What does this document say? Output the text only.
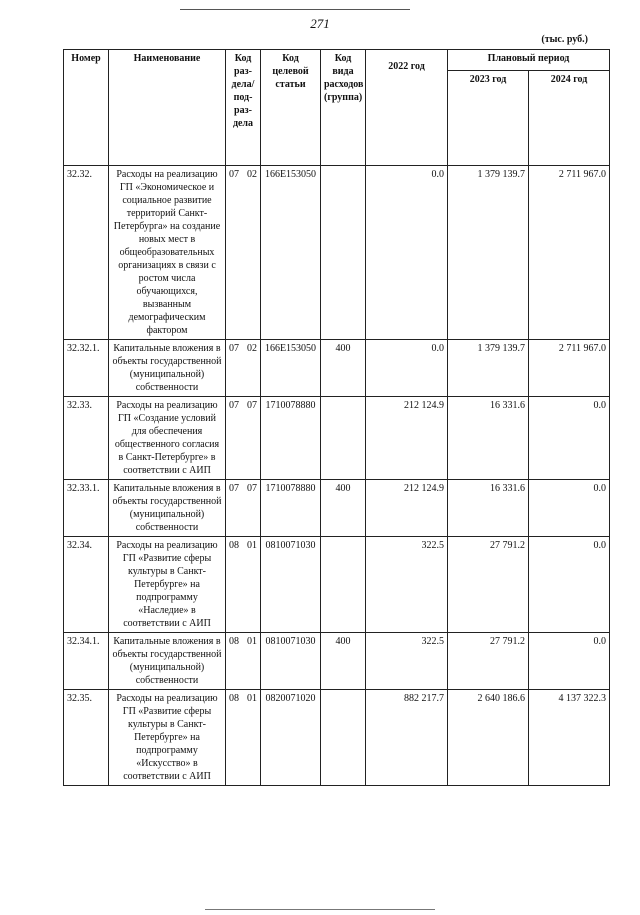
271
(тыс. руб.)
Номер	Наименование	Код раз-дела/ под-раз-дела	Код целевой статьи	Код вида расходов (группа)	2022 год	Плановый период	
						2023 год	2024 год
32.32.	Расходы на реализацию ГП «Экономическое и социальное развитие территорий Санкт-Петербурга» на создание новых мест в общеобразовательных организациях в связи с ростом числа обучающихся, вызванным демографическим фактором	07 02	166E153050		0.0	1 379 139.7	2 711 967.0
32.32.1.	Капитальные вложения в объекты государственной (муниципальной) собственности	07 02	166E153050	400	0.0	1 379 139.7	2 711 967.0
32.33.	Расходы на реализацию ГП «Создание условий для обеспечения общественного согласия в Санкт-Петербурге» в соответствии с АИП	07 07	1710078880		212 124.9	16 331.6	0.0
32.33.1.	Капитальные вложения в объекты государственной (муниципальной) собственности	07 07	1710078880	400	212 124.9	16 331.6	0.0
32.34.	Расходы на реализацию ГП «Развитие сферы культуры в Санкт-Петербурге» на подпрограмму «Наследие» в соответствии с АИП	08 01	0810071030		322.5	27 791.2	0.0
32.34.1.	Капитальные вложения в объекты государственной (муниципальной) собственности	08 01	0810071030	400	322.5	27 791.2	0.0
32.35.	Расходы на реализацию ГП «Развитие сферы культуры в Санкт-Петербурге» на подпрограмму «Искусство» в соответствии с АИП	08 01	0820071020		882 217.7	2 640 186.6	4 137 322.3
